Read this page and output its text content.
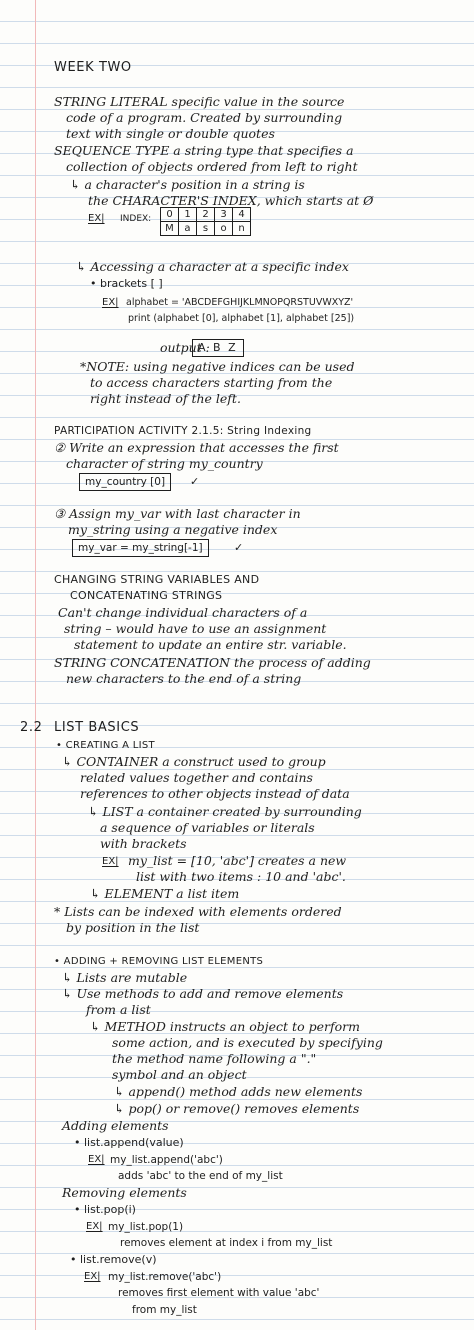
WEEK TWO
STRING LITERAL specific value in the source
code of a program. Created by surrounding
text with single or double quotes
SEQUENCE TYPE a string type that specifies a
collection of objects ordered from left to right
↳ a character's position in a string is
the CHARACTER'S INDEX, which starts at Ø
EX| INDEX: 0	1	2	3	4
M	a	s	o	n
↳ Accessing a character at a specific index
• brackets [ ]
EX| alphabet = 'ABCDEFGHIJKLMNOPQRSTUVWXYZ'
print (alphabet [0], alphabet [1], alphabet [25])
output :
A B Z
*NOTE: using negative indices can be used
to access characters starting from the
right instead of the left.
PARTICIPATION ACTIVITY 2.1.5: String Indexing
② Write an expression that accesses the first
character of string my_country
my_country [0]	✓
③ Assign my_var with last character in
my_string using a negative index
my_var = my_string[-1]	✓
CHANGING STRING VARIABLES AND
CONCATENATING STRINGS
Can't change individual characters of a
string – would have to use an assignment
statement to update an entire str. variable.
STRING CONCATENATION the process of adding
new characters to the end of a string
2.2 LIST BASICS
• CREATING A LIST
↳ CONTAINER a construct used to group
related values together and contains
references to other objects instead of data
↳ LIST a container created by surrounding
a sequence of variables or literals
with brackets
EX| my_list = [10, 'abc'] creates a new
list with two items : 10 and 'abc'.
↳ ELEMENT a list item
* Lists can be indexed with elements ordered
by position in the list
• ADDING + REMOVING LIST ELEMENTS
↳ Lists are mutable
↳ Use methods to add and remove elements
from a list
↳ METHOD instructs an object to perform
some action, and is executed by specifying
the method name following a "."
symbol and an object
↳ append() method adds new elements
↳ pop() or remove() removes elements
Adding elements
• list.append(value)
EX| my_list.append('abc')
adds 'abc' to the end of my_list
Removing elements
• list.pop(i)
EX| my_list.pop(1)
removes element at index i from my_list
• list.remove(v)
EX| my_list.remove('abc')
removes first element with value 'abc'
from my_list
